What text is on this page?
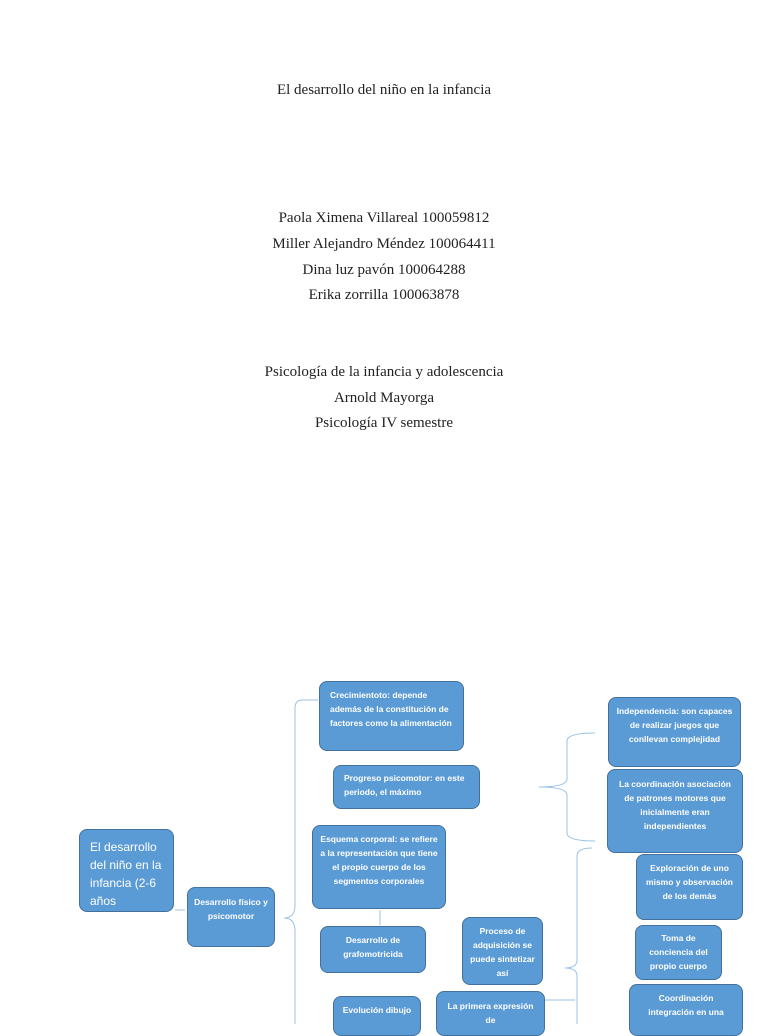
El desarrollo del niño en la infancia
Paola Ximena Villareal 100059812
Miller Alejandro Méndez 100064411
Dina luz pavón 100064288
Erika zorrilla 100063878
Psicología de la infancia y adolescencia
Arnold Mayorga
Psicología IV semestre
El desarrollo del niño en la infancia (2-6 años	Desarrollo físico y psicomotor
Crecimientoto: depende además de la constitución de factores como la alimentación
Progreso psicomotor: en este periodo, el máximo
Esquema corporal: se refiere a la representación que tiene el propio cuerpo de los segmentos corporales
Desarrollo de grafomotricida
Evolución dibujo	La primera expresión de
Proceso de adquisición se puede sintetizar así
Independencia: son capaces de realizar juegos que conllevan complejidad
La coordinación asociación de patrones motores que inicialmente eran independientes
Exploración de uno mismo y observación de los demás
Toma de conciencia del propio cuerpo
Coordinación integración en una
